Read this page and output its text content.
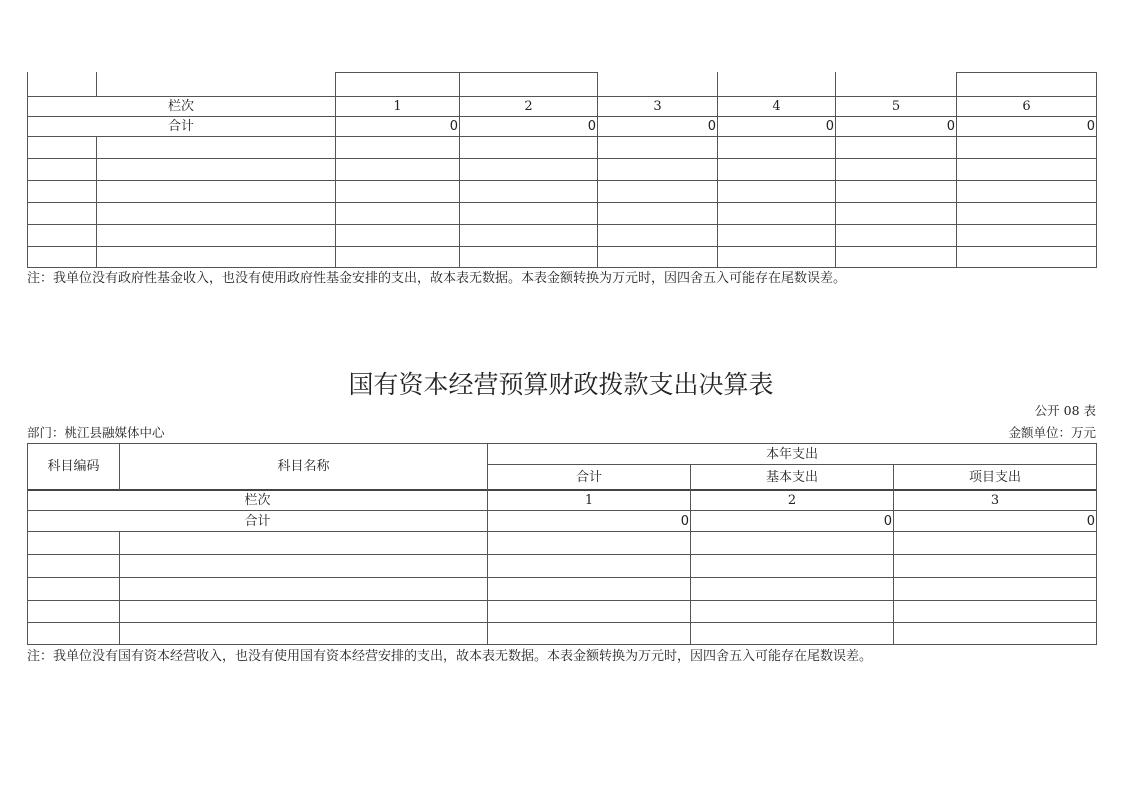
栏次	1	2	3	4	5	6
合计	0	0	0	0	0	0
注：我单位没有政府性基金收入，也没有使用政府性基金安排的支出，故本表无数据。本表金额转换为万元时，因四舍五入可能存在尾数误差。
国有资本经营预算财政拨款支出决算表
公开 08 表
部门：桃江县融媒体中心	金额单位：万元
科目编码	科目名称
本年支出
合计	基本支出	项目支出
栏次	1	2	3
合计	0	0	0
注：我单位没有国有资本经营收入，也没有使用国有资本经营安排的支出，故本表无数据。本表金额转换为万元时，因四舍五入可能存在尾数误差。
